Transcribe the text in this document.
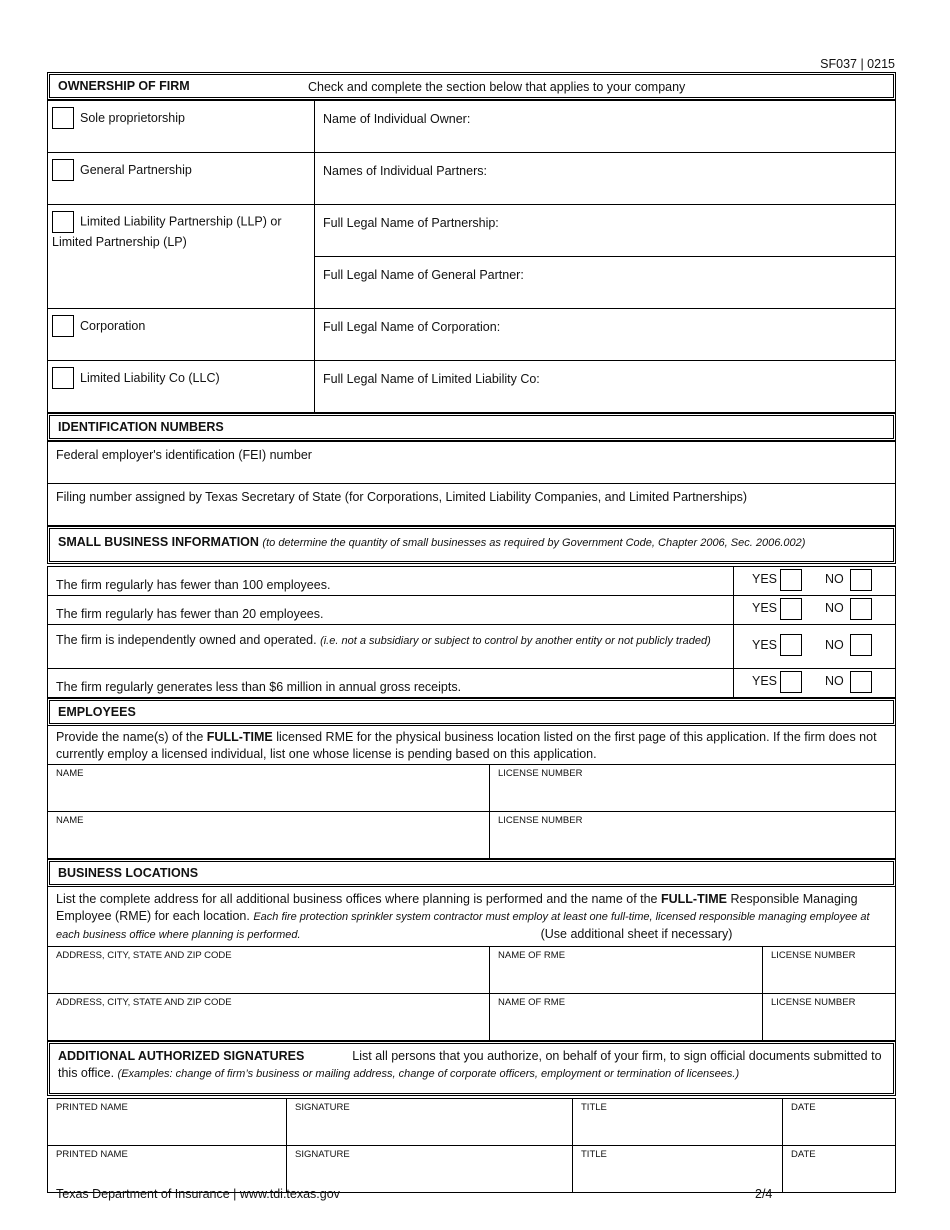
SF037 | 0215
OWNERSHIP OF FIRM	Check and complete the section below that applies to your company
Sole proprietorship	Name of Individual Owner:
General Partnership	Names of Individual Partners:
Limited Liability Partnership (LLP) or Limited Partnership (LP)	Full Legal Name of Partnership:
	Full Legal Name of General Partner:
Corporation	Full Legal Name of Corporation:
Limited Liability Co (LLC)	Full Legal Name of Limited Liability Co:
IDENTIFICATION NUMBERS
Federal employer's identification (FEI) number
Filing number assigned by Texas Secretary of State (for Corporations, Limited Liability Companies, and Limited Partnerships)
SMALL BUSINESS INFORMATION (to determine the quantity of small businesses as required by Government Code, Chapter 2006, Sec. 2006.002)
The firm regularly has fewer than 100 employees.	YES NO

The firm regularly has fewer than 20 employees.	YES NO

The firm is independently owned and operated. (i.e. not a subsidiary or subject to control by another entity or not publicly traded)	YES NO

The firm regularly generates less than $6 million in annual gross receipts.	YES NO
EMPLOYEES
Provide the name(s) of the FULL-TIME licensed RME for the physical business location listed on the first page of this application. If the firm does not currently employ a licensed individual, list one whose license is pending based on this application.
NAME	LICENSE NUMBER
NAME	LICENSE NUMBER
BUSINESS LOCATIONS
List the complete address for all additional business offices where planning is performed and the name of the FULL-TIME Responsible Managing Employee (RME) for each location. Each fire protection sprinkler system contractor must employ at least one full-time, licensed responsible managing employee at each business office where planning is performed.	(Use additional sheet if necessary)
ADDRESS, CITY, STATE AND ZIP CODE	NAME OF RME	LICENSE NUMBER
ADDRESS, CITY, STATE AND ZIP CODE	NAME OF RME	LICENSE NUMBER
ADDITIONAL AUTHORIZED SIGNATURES	List all persons that you authorize, on behalf of your firm, to sign official documents submitted to this office. (Examples: change of firm’s business or mailing address, change of corporate officers, employment or termination of licensees.)
PRINTED NAME	SIGNATURE	TITLE	DATE
PRINTED NAME	SIGNATURE	TITLE	DATE
Texas Department of Insurance | www.tdi.texas.gov	2/4
